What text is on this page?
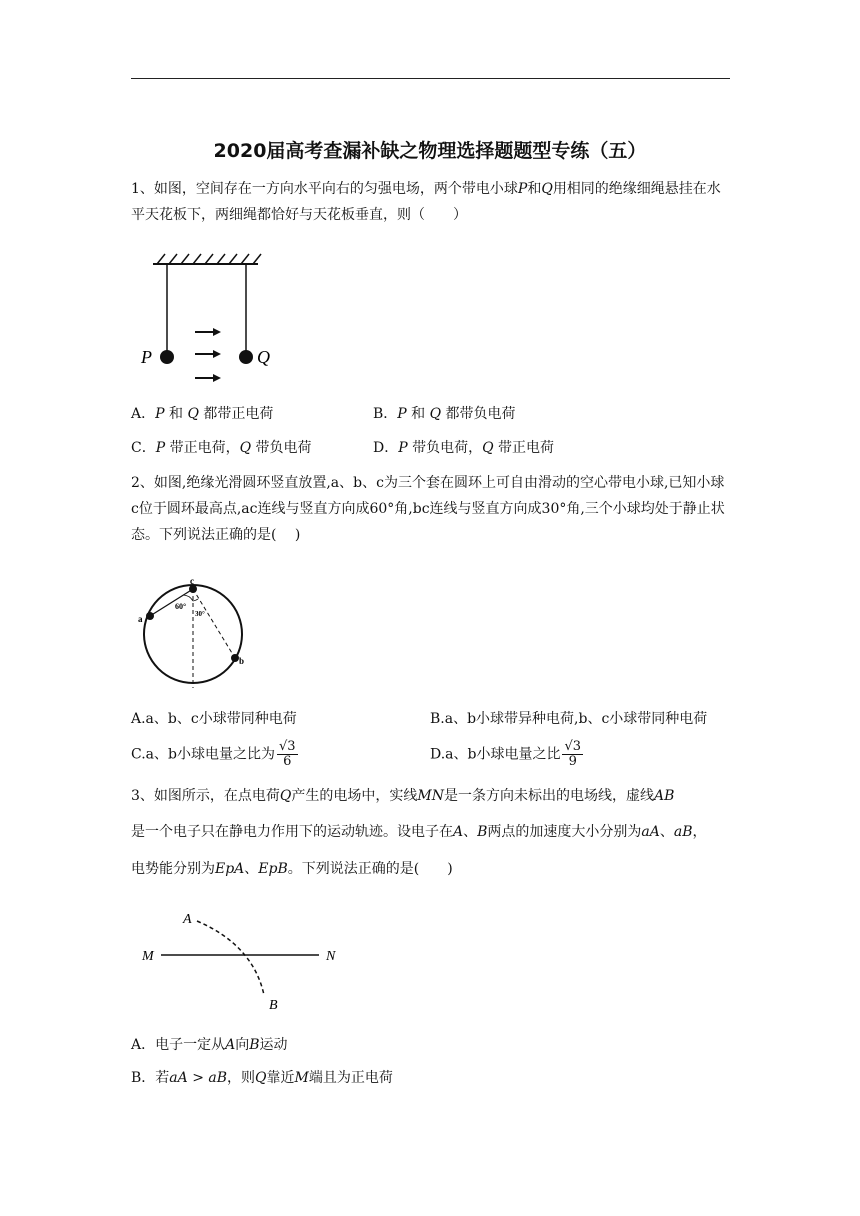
2020届高考查漏补缺之物理选择题题型专练（五）

1、如图，空间存在一方向水平向右的匀强电场，两个带电小球P和Q用相同的绝缘细绳悬挂在水平天花板下，两细绳都恰好与天花板垂直，则（　　）

P	Q
A．P 和 Q 都带正电荷	B．P 和 Q 都带负电荷
C．P 带正电荷，Q 带负电荷	D．P 带负电荷，Q 带正电荷

2、如图,绝缘光滑圆环竖直放置,a、b、c为三个套在圆环上可自由滑动的空心带电小球,已知小球c位于圆环最高点,ac连线与竖直方向成60°角,bc连线与竖直方向成30°角,三个小球均处于静止状态。下列说法正确的是(　 )

c
a
b
60°
30°
A.a、b、c小球带同种电荷	B.a、b小球带异种电荷,b、c小球带同种电荷
C.a、b小球电量之比为 $\frac{√3}{6}$	D.a、b小球电量之比 $\frac{√3}{9}$

3、如图所示，在点电荷Q产生的电场中，实线MN是一条方向未标出的电场线，虚线AB

是一个电子只在静电力作用下的运动轨迹。设电子在A、B两点的加速度大小分别为aA、aB，

电势能分别为EpA、EpB。下列说法正确的是(　　)

A
M	N
B
A．电子一定从A向B运动
B．若aA > aB，则Q靠近M端且为正电荷
